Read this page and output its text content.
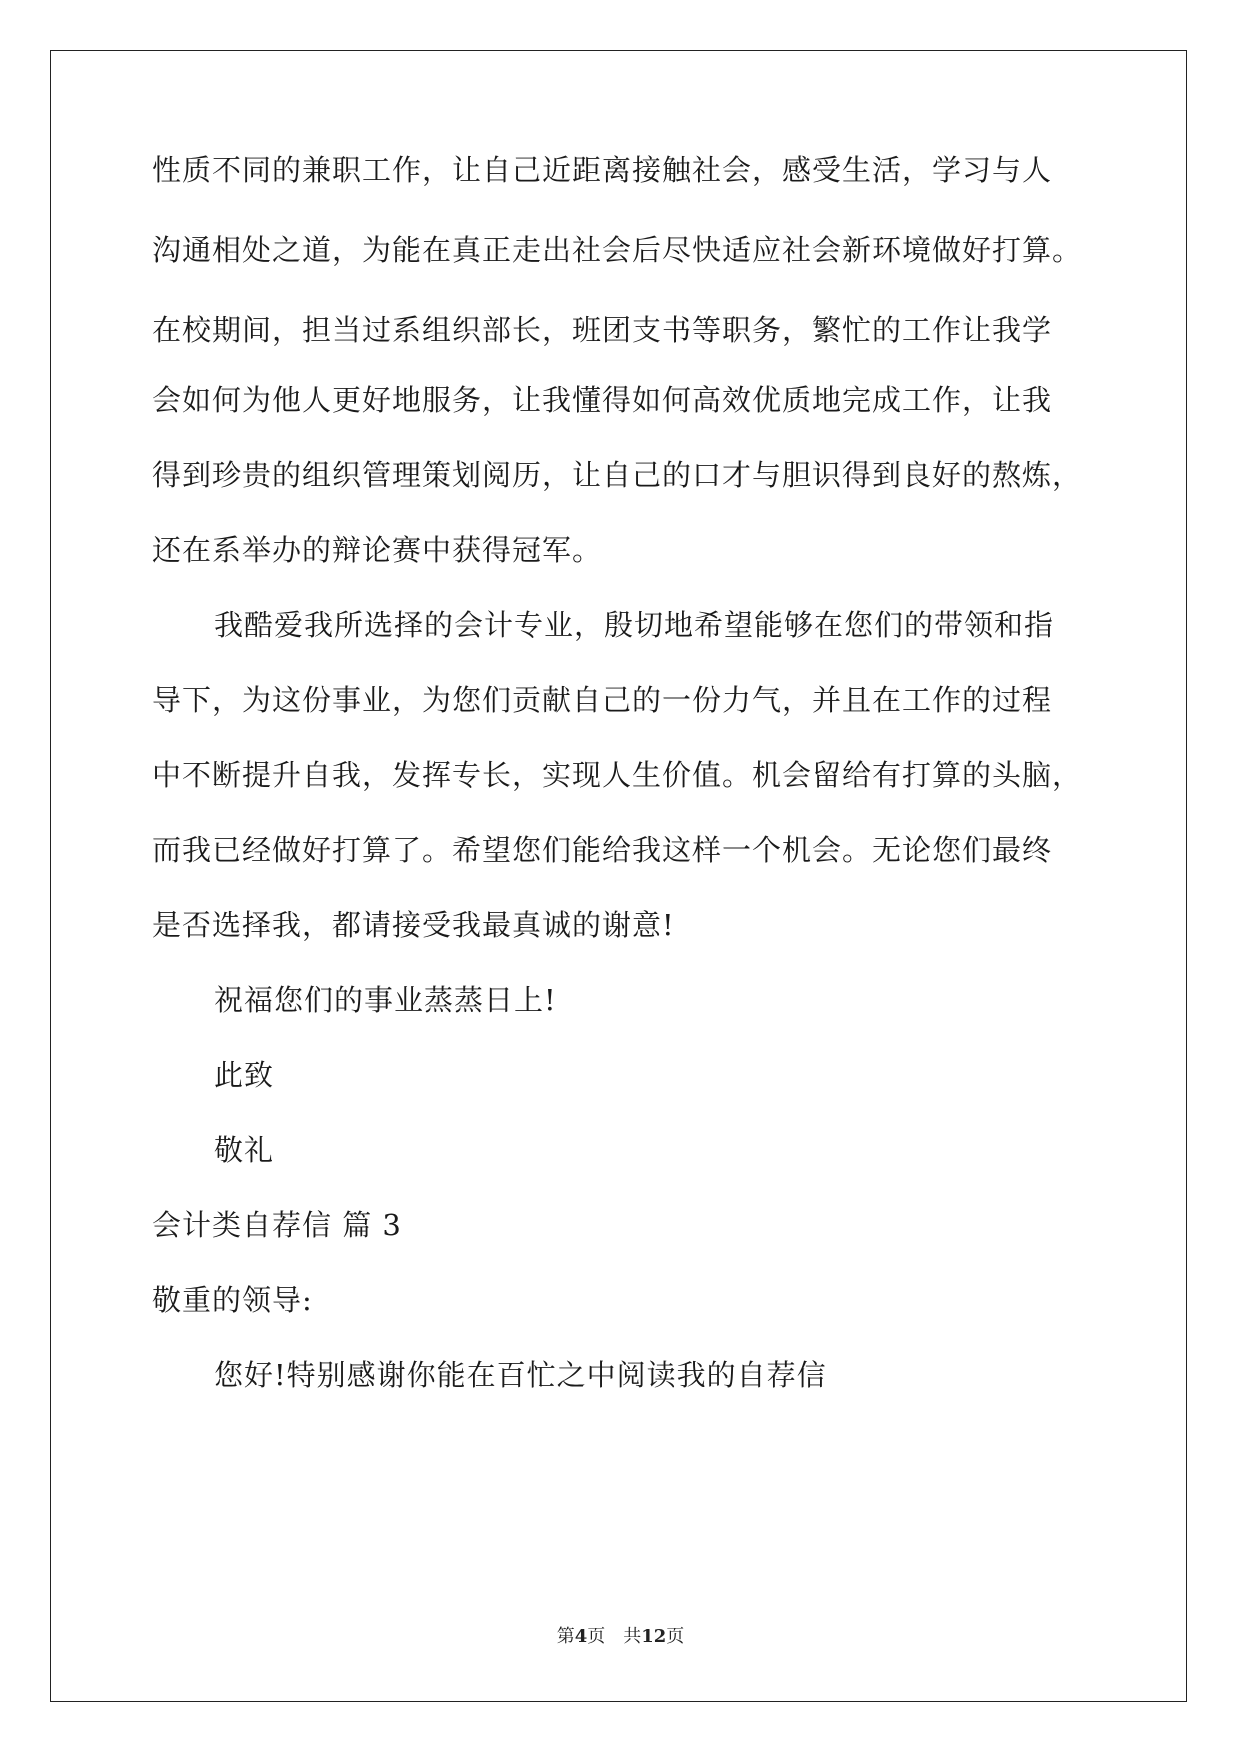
性质不同的兼职工作，让自己近距离接触社会，感受生活，学习与人
沟通相处之道，为能在真正走出社会后尽快适应社会新环境做好打算。
在校期间，担当过系组织部长，班团支书等职务，繁忙的工作让我学
会如何为他人更好地服务，让我懂得如何高效优质地完成工作，让我
得到珍贵的组织管理策划阅历，让自己的口才与胆识得到良好的熬炼，
还在系举办的辩论赛中获得冠军。
我酷爱我所选择的会计专业，殷切地希望能够在您们的带领和指
导下，为这份事业，为您们贡献自己的一份力气，并且在工作的过程
中不断提升自我，发挥专长，实现人生价值。机会留给有打算的头脑，
而我已经做好打算了。希望您们能给我这样一个机会。无论您们最终
是否选择我，都请接受我最真诚的谢意!
祝福您们的事业蒸蒸日上!
此致
敬礼
会计类自荐信 篇 3
敬重的领导:
您好!特别感谢你能在百忙之中阅读我的自荐信
第4页 共12页
